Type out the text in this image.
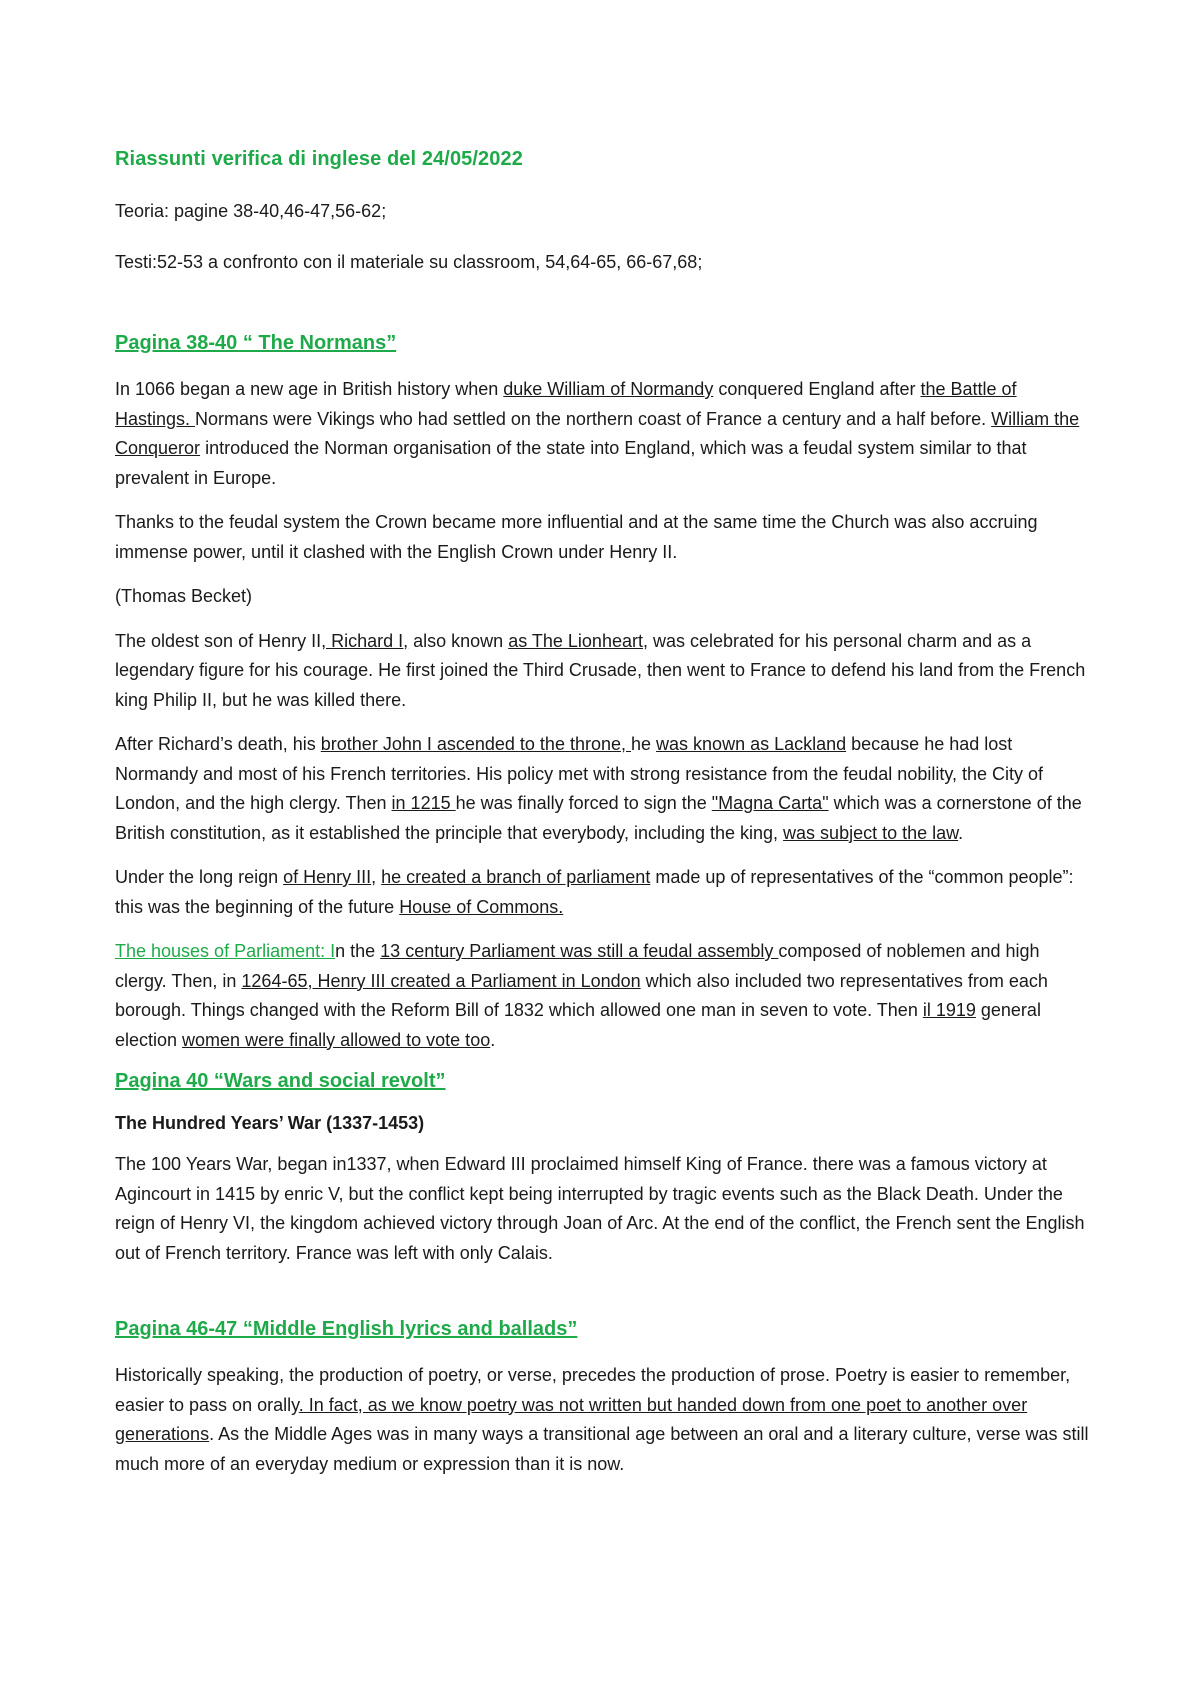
Riassunti verifica di inglese del 24/05/2022

Teoria: pagine 38-40,46-47,56-62;

Testi:52-53 a confronto con il materiale su classroom, 54,64-65, 66-67,68;

Pagina 38-40 “ The Normans”

In 1066 began a new age in British history when duke William of Normandy conquered England after the Battle of Hastings. Normans were Vikings who had settled on the northern coast of France a century and a half before. William the Conqueror introduced the Norman organisation of the state into England, which was a feudal system similar to that prevalent in Europe.

Thanks to the feudal system the Crown became more influential and at the same time the Church was also accruing immense power, until it clashed with the English Crown under Henry II.

(Thomas Becket)

The oldest son of Henry II, Richard I, also known as The Lionheart, was celebrated for his personal charm and as a legendary figure for his courage. He first joined the Third Crusade, then went to France to defend his land from the French king Philip II, but he was killed there.

After Richard’s death, his brother John I ascended to the throne, he was known as Lackland because he had lost Normandy and most of his French territories. His policy met with strong resistance from the feudal nobility, the City of London, and the high clergy. Then in 1215 he was finally forced to sign the "Magna Carta" which was a cornerstone of the British constitution, as it established the principle that everybody, including the king, was subject to the law.

Under the long reign of Henry III, he created a branch of parliament made up of representatives of the “common people”: this was the beginning of the future House of Commons.

The houses of Parliament: In the 13 century Parliament was still a feudal assembly composed of noblemen and high clergy. Then, in 1264-65, Henry III created a Parliament in London which also included two representatives from each borough. Things changed with the Reform Bill of 1832 which allowed one man in seven to vote. Then il 1919 general election women were finally allowed to vote too.

Pagina 40 “Wars and social revolt”
The Hundred Years’ War (1337-1453)

The 100 Years War, began in1337, when Edward III proclaimed himself King of France. there was a famous victory at Agincourt in 1415 by enric V, but the conflict kept being interrupted by tragic events such as the Black Death. Under the reign of Henry VI, the kingdom achieved victory through Joan of Arc. At the end of the conflict, the French sent the English out of French territory. France was left with only Calais.

Pagina 46-47 “Middle English lyrics and ballads”

Historically speaking, the production of poetry, or verse, precedes the production of prose. Poetry is easier to remember, easier to pass on orally. In fact, as we know poetry was not written but handed down from one poet to another over generations. As the Middle Ages was in many ways a transitional age between an oral and a literary culture, verse was still much more of an everyday medium or expression than it is now.
